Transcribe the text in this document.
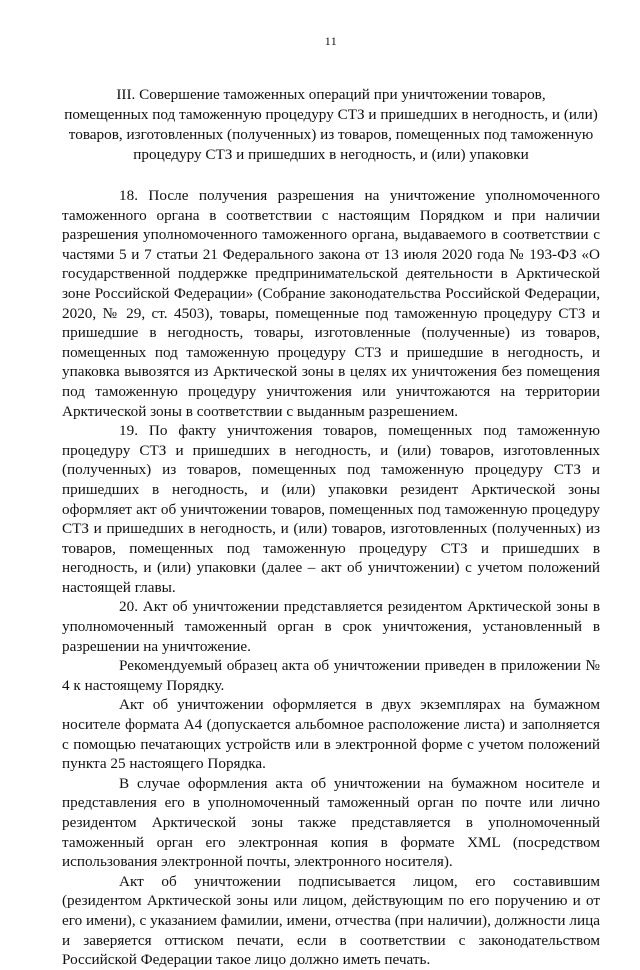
11
III. Совершение таможенных операций при уничтожении товаров,
помещенных под таможенную процедуру СТЗ и пришедших в негодность, и (или)
товаров, изготовленных (полученных) из товаров, помещенных под таможенную
процедуру СТЗ и пришедших в негодность, и (или) упаковки

18. После получения разрешения на уничтожение уполномоченного таможенного органа в соответствии с настоящим Порядком и при наличии разрешения уполномоченного таможенного органа, выдаваемого в соответствии с частями 5 и 7 статьи 21 Федерального закона от 13 июля 2020 года № 193-ФЗ «О государственной поддержке предпринимательской деятельности в Арктической зоне Российской Федерации» (Собрание законодательства Российской Федерации, 2020, № 29, ст. 4503), товары, помещенные под таможенную процедуру СТЗ и пришедшие в негодность, товары, изготовленные (полученные) из товаров, помещенных под таможенную процедуру СТЗ и пришедшие в негодность, и упаковка вывозятся из Арктической зоны в целях их уничтожения без помещения под таможенную процедуру уничтожения или уничтожаются на территории Арктической зоны в соответствии с выданным разрешением.

19. По факту уничтожения товаров, помещенных под таможенную процедуру СТЗ и пришедших в негодность, и (или) товаров, изготовленных (полученных) из товаров, помещенных под таможенную процедуру СТЗ и пришедших в негодность, и (или) упаковки резидент Арктической зоны оформляет акт об уничтожении товаров, помещенных под таможенную процедуру СТЗ и пришедших в негодность, и (или) товаров, изготовленных (полученных) из товаров, помещенных под таможенную процедуру СТЗ и пришедших в негодность, и (или) упаковки (далее – акт об уничтожении) с учетом положений настоящей главы.

20. Акт об уничтожении представляется резидентом Арктической зоны в уполномоченный таможенный орган в срок уничтожения, установленный в разрешении на уничтожение.

Рекомендуемый образец акта об уничтожении приведен в приложении № 4 к настоящему Порядку.

Акт об уничтожении оформляется в двух экземплярах на бумажном носителе формата А4 (допускается альбомное расположение листа) и заполняется с помощью печатающих устройств или в электронной форме с учетом положений пункта 25 настоящего Порядка.

В случае оформления акта об уничтожении на бумажном носителе и представления его в уполномоченный таможенный орган по почте или лично резидентом Арктической зоны также представляется в уполномоченный таможенный орган его электронная копия в формате XML (посредством использования электронной почты, электронного носителя).

Акт об уничтожении подписывается лицом, его составившим (резидентом Арктической зоны или лицом, действующим по его поручению и от его имени), с указанием фамилии, имени, отчества (при наличии), должности лица и заверяется оттиском печати, если в соответствии с законодательством Российской Федерации такое лицо должно иметь печать.
